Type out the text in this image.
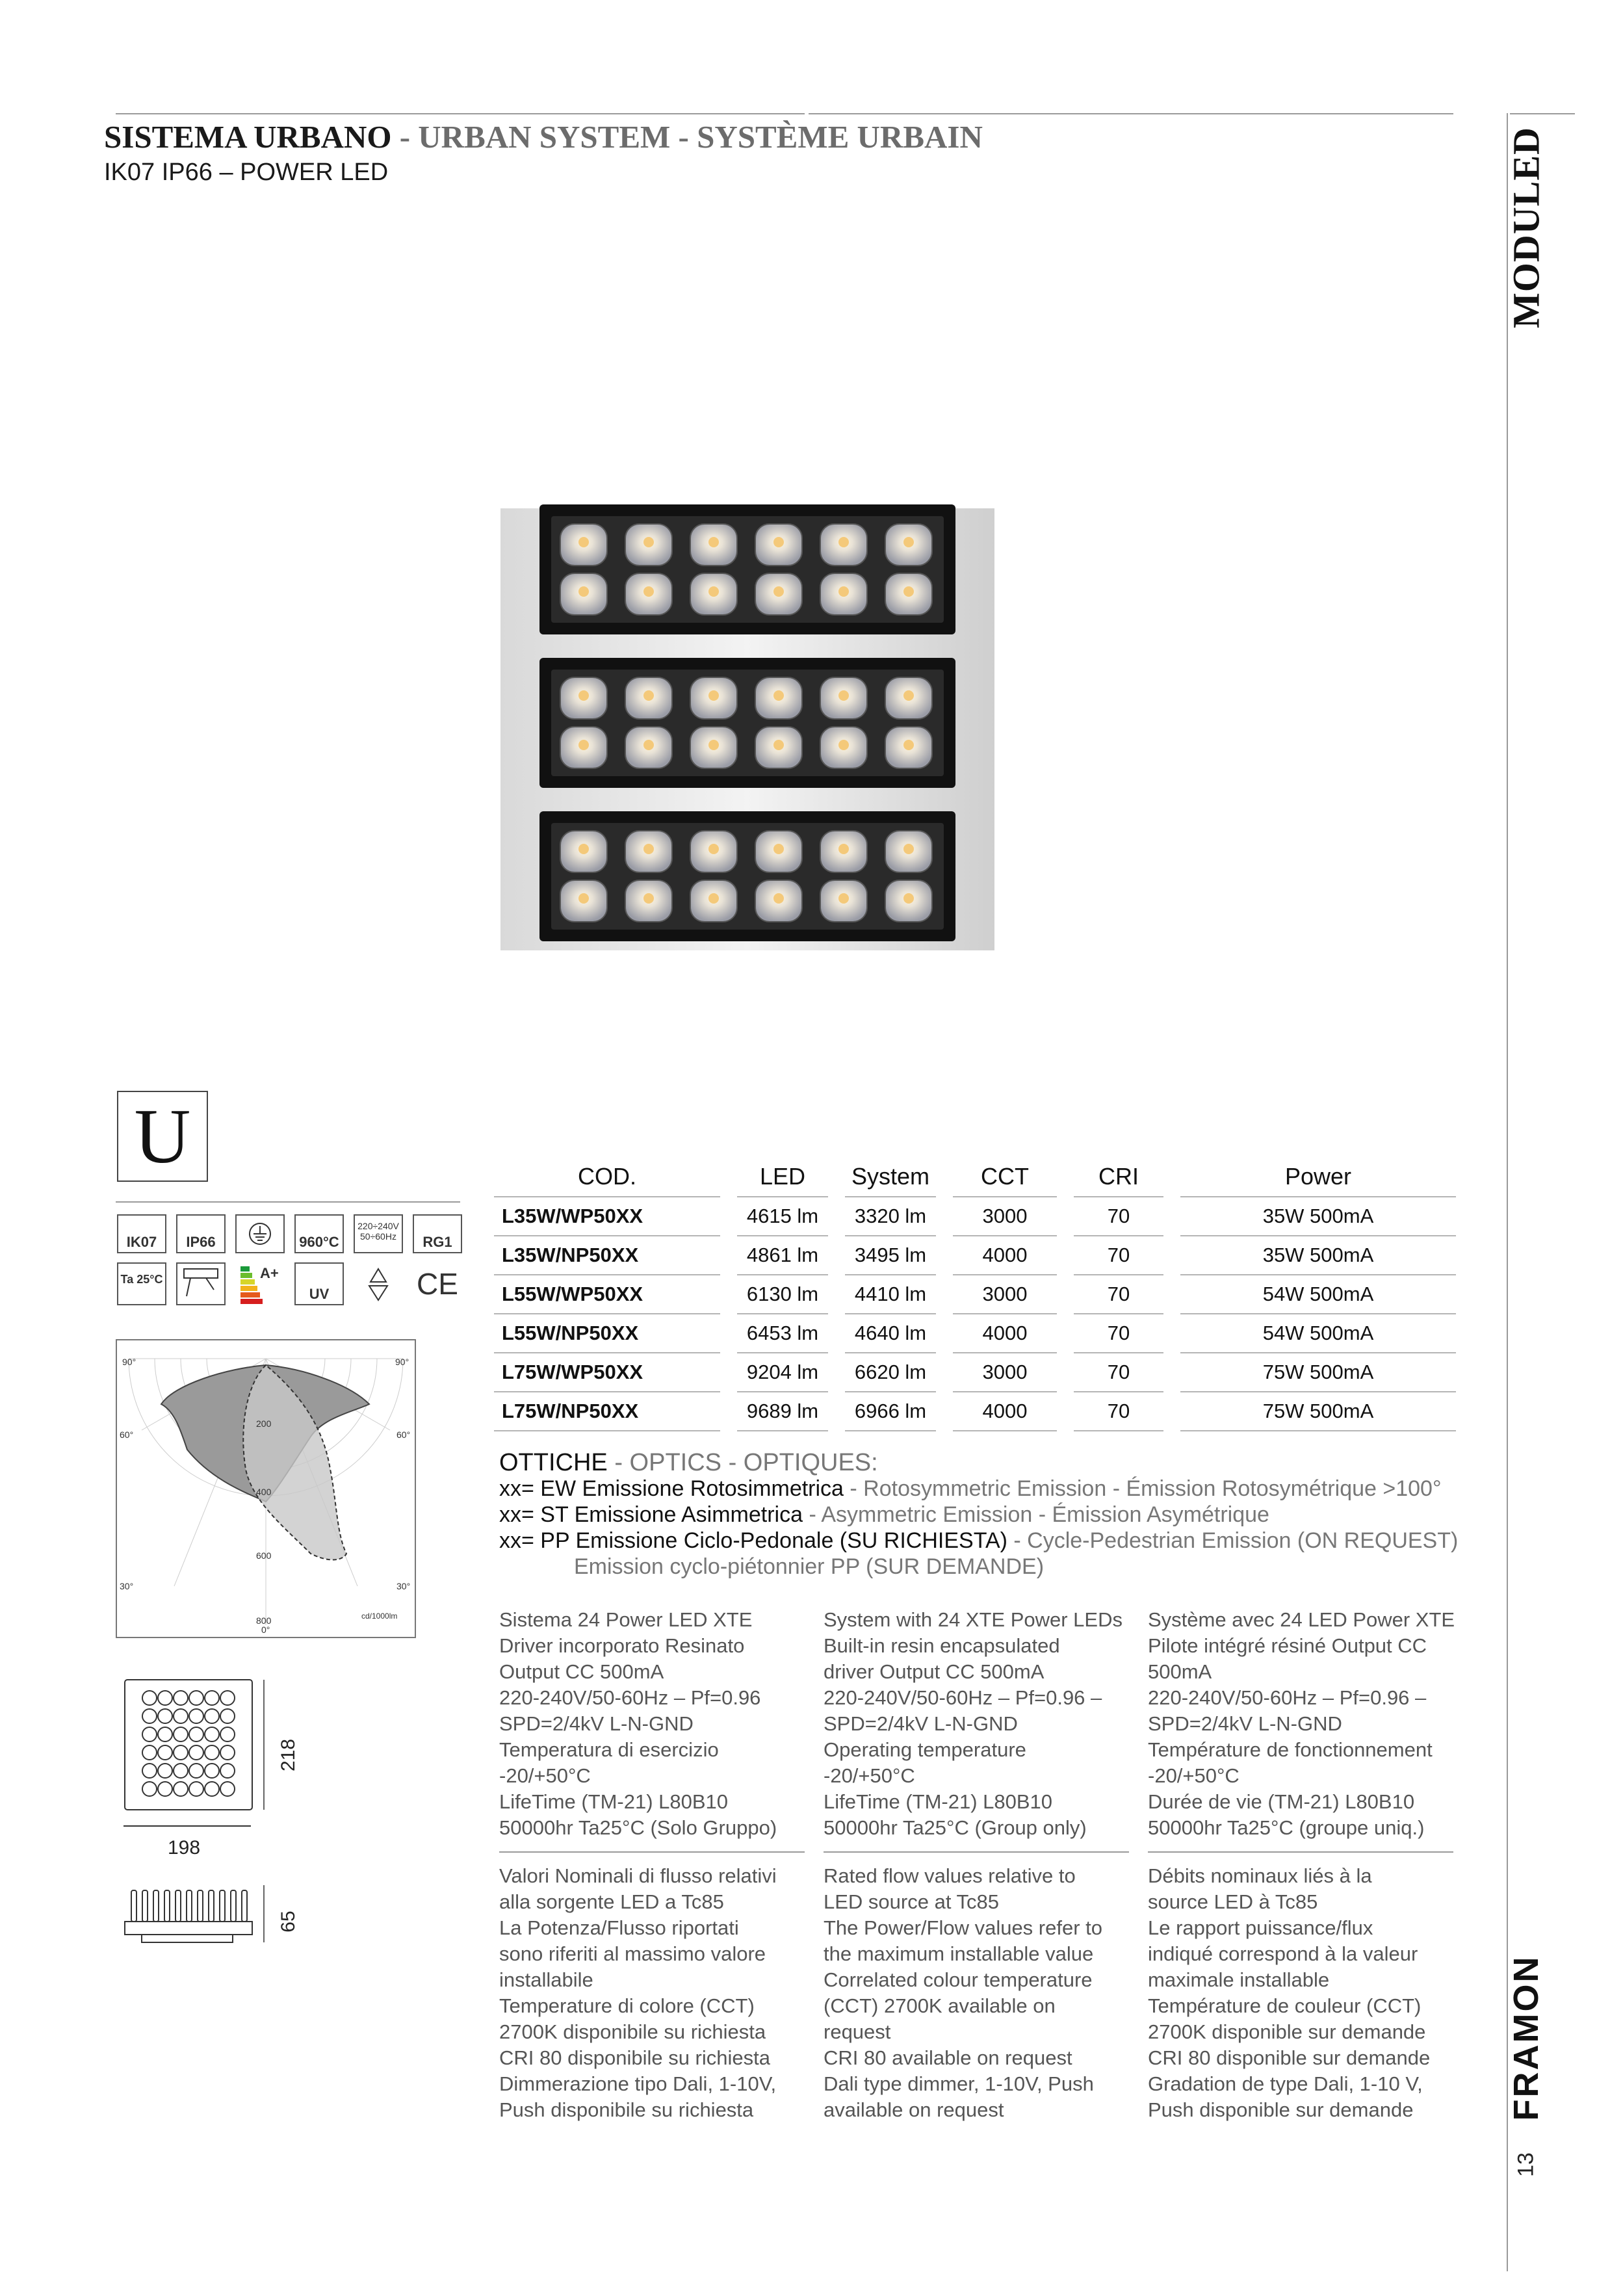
SISTEMA URBANO - URBAN SYSTEM - SYSTÈME URBAIN
IK07 IP66 – POWER LED	MODULED
FRAMON
13
U
IK07	IP66	960°C
220÷240V 50÷60Hz	RG1
Ta 25°C	A+
UV	CE
90°	90°
60°	60°
30°	30°
0°
200
400
600
800	cd/1000lm
218
198
65
COD.		LED		System		CCT		CRI		Power
L35W/WP50XX		4615 lm		3320 lm		3000		70		35W 500mA
L35W/NP50XX		4861 lm		3495 lm		4000		70		35W 500mA
L55W/WP50XX		6130 lm		4410 lm		3000		70		54W 500mA
L55W/NP50XX		6453 lm		4640 lm		4000		70		54W 500mA
L75W/WP50XX		9204 lm		6620 lm		3000		70		75W 500mA
L75W/NP50XX		9689 lm		6966 lm		4000		70		75W 500mA
OTTICHE - OPTICS - OPTIQUES:
xx= EW Emissione Rotosimmetrica - Rotosymmetric Emission - Émission Rotosymétrique >100°
xx= ST Emissione Asimmetrica - Asymmetric Emission - Émission Asymétrique
xx= PP Emissione Ciclo-Pedonale (SU RICHIESTA) - Cycle-Pedestrian Emission (ON REQUEST)
Emission cyclo-piétonnier PP (SUR DEMANDE)

Sistema 24 Power LED XTE

Driver incorporato Resinato

Output CC 500mA

220-240V/50-60Hz – Pf=0.96

SPD=2/4kV L-N-GND

Temperatura di esercizio

-20/+50°C

LifeTime (TM-21) L80B10

50000hr Ta25°C (Solo Gruppo)

System with 24 XTE Power LEDs

Built-in resin encapsulated

driver Output CC 500mA

220-240V/50-60Hz – Pf=0.96 –

SPD=2/4kV L-N-GND

Operating temperature

-20/+50°C

LifeTime (TM-21) L80B10

50000hr Ta25°C (Group only)

Système avec 24 LED Power XTE

Pilote intégré résiné Output CC

500mA

220-240V/50-60Hz – Pf=0.96 –

SPD=2/4kV L-N-GND

Température de fonctionnement

-20/+50°C

Durée de vie (TM-21) L80B10

50000hr Ta25°C (groupe uniq.)

Valori Nominali di flusso relativi

alla sorgente LED a Tc85

La Potenza/Flusso riportati

sono riferiti al massimo valore

installabile

Temperature di colore (CCT)

2700K disponibile su richiesta

CRI 80 disponibile su richiesta

Dimmerazione tipo Dali, 1-10V,

Push disponibile su richiesta

Rated flow values relative to

LED source at Tc85

The Power/Flow values refer to

the maximum installable value

Correlated colour temperature

(CCT) 2700K available on

request

CRI 80 available on request

Dali type dimmer, 1-10V, Push

available on request

Débits nominaux liés à la

source LED à Tc85

Le rapport puissance/flux

indiqué correspond à la valeur

maximale installable

Température de couleur (CCT)

2700K disponible sur demande

CRI 80 disponible sur demande

Gradation de type Dali, 1-10 V,

Push disponible sur demande
